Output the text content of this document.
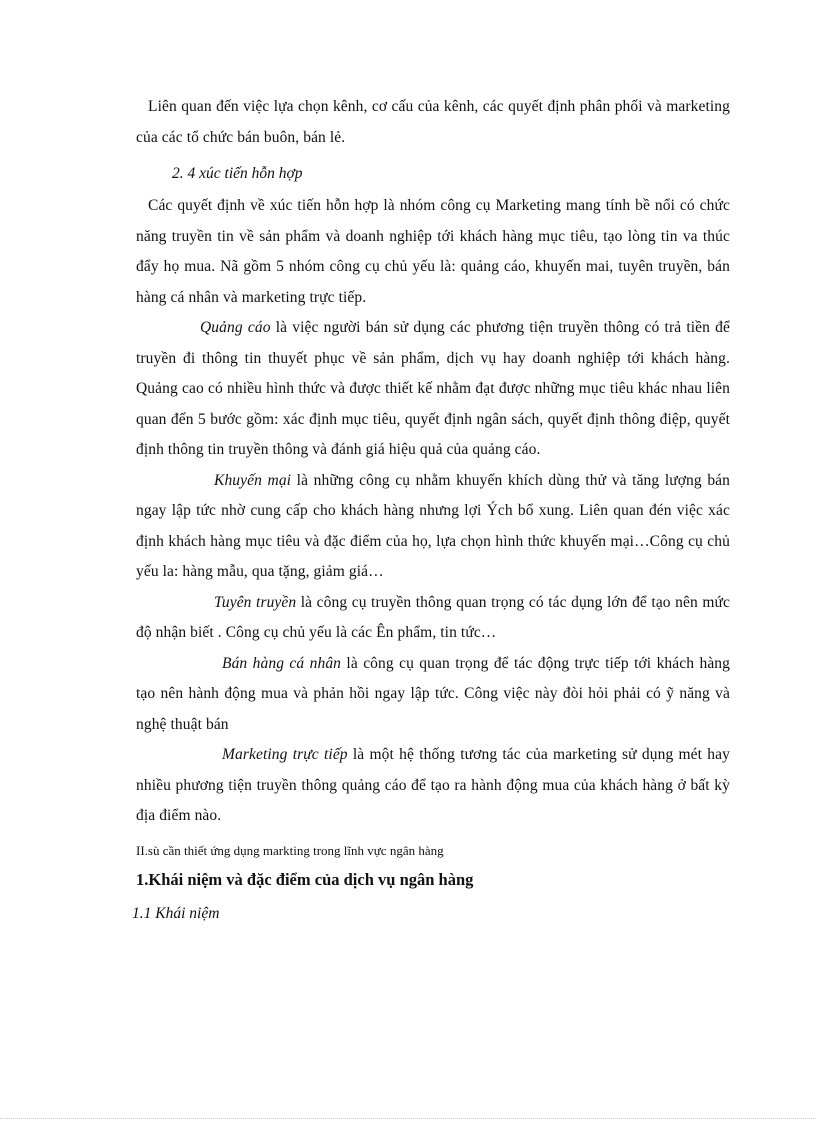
Liên quan đến việc lựa chọn kênh, cơ cấu của kênh, các quyết định phân phối và marketing của các tổ chức bán buôn, bán lẻ.

2. 4 xúc tiến hỗn hợp

Các quyết định về xúc tiến hỗn hợp là nhóm công cụ Marketing mang tính bề nổi có chức năng truyền tin về sản phẩm và doanh nghiệp tới khách hàng mục tiêu, tạo lòng tin va thúc đẩy họ mua. Nã gồm 5 nhóm công cụ chủ yếu là: quảng cáo, khuyến mai, tuyên truyền, bán hàng cá nhân và marketing trực tiếp.

Quảng cáo là việc người bán sử dụng các phương tiện truyền thông có trả tiền để truyền đi thông tin thuyết phục về sản phẩm, dịch vụ hay doanh nghiệp tới khách hàng. Quảng cao có nhiều hình thức và được thiết kế nhằm đạt được những mục tiêu khác nhau liên quan đến 5 bước gồm: xác định mục tiêu, quyết định ngân sách, quyết định thông điệp, quyết định thông tin truyền thông và đánh giá hiệu quả của quảng cáo.

Khuyến mại là những công cụ nhằm khuyến khích dùng thử và tăng lượng bán ngay lập tức nhờ cung cấp cho khách hàng nhưng lợi Ých bổ xung. Liên quan đén việc xác định khách hàng mục tiêu và đặc điểm của họ, lựa chọn hình thức khuyến mại…Công cụ chủ yếu la: hàng mẫu, qua tặng, giảm giá…

Tuyên truyền là công cụ truyền thông quan trọng có tác dụng lớn để tạo nên mức độ nhận biết . Công cụ chủ yếu là các Ên phẩm, tin tức…

Bán hàng cá nhân là công cụ quan trọng để tác động trực tiếp tới khách hàng tạo nên hành động mua và phản hồi ngay lập tức. Công việc này đòi hỏi phải có ỹ năng và nghệ thuật bán

Marketing trực tiếp là một hệ thống tương tác của marketing sử dụng mét hay nhiều phương tiện truyền thông quảng cáo để tạo ra hành động mua của khách hàng ở bất kỳ địa điểm nào.

II.sù cần thiết ứng dụng markting trong lĩnh vực ngân hàng
1.Khái niệm và đặc điểm của dịch vụ ngân hàng
1.1 Khái niệm
